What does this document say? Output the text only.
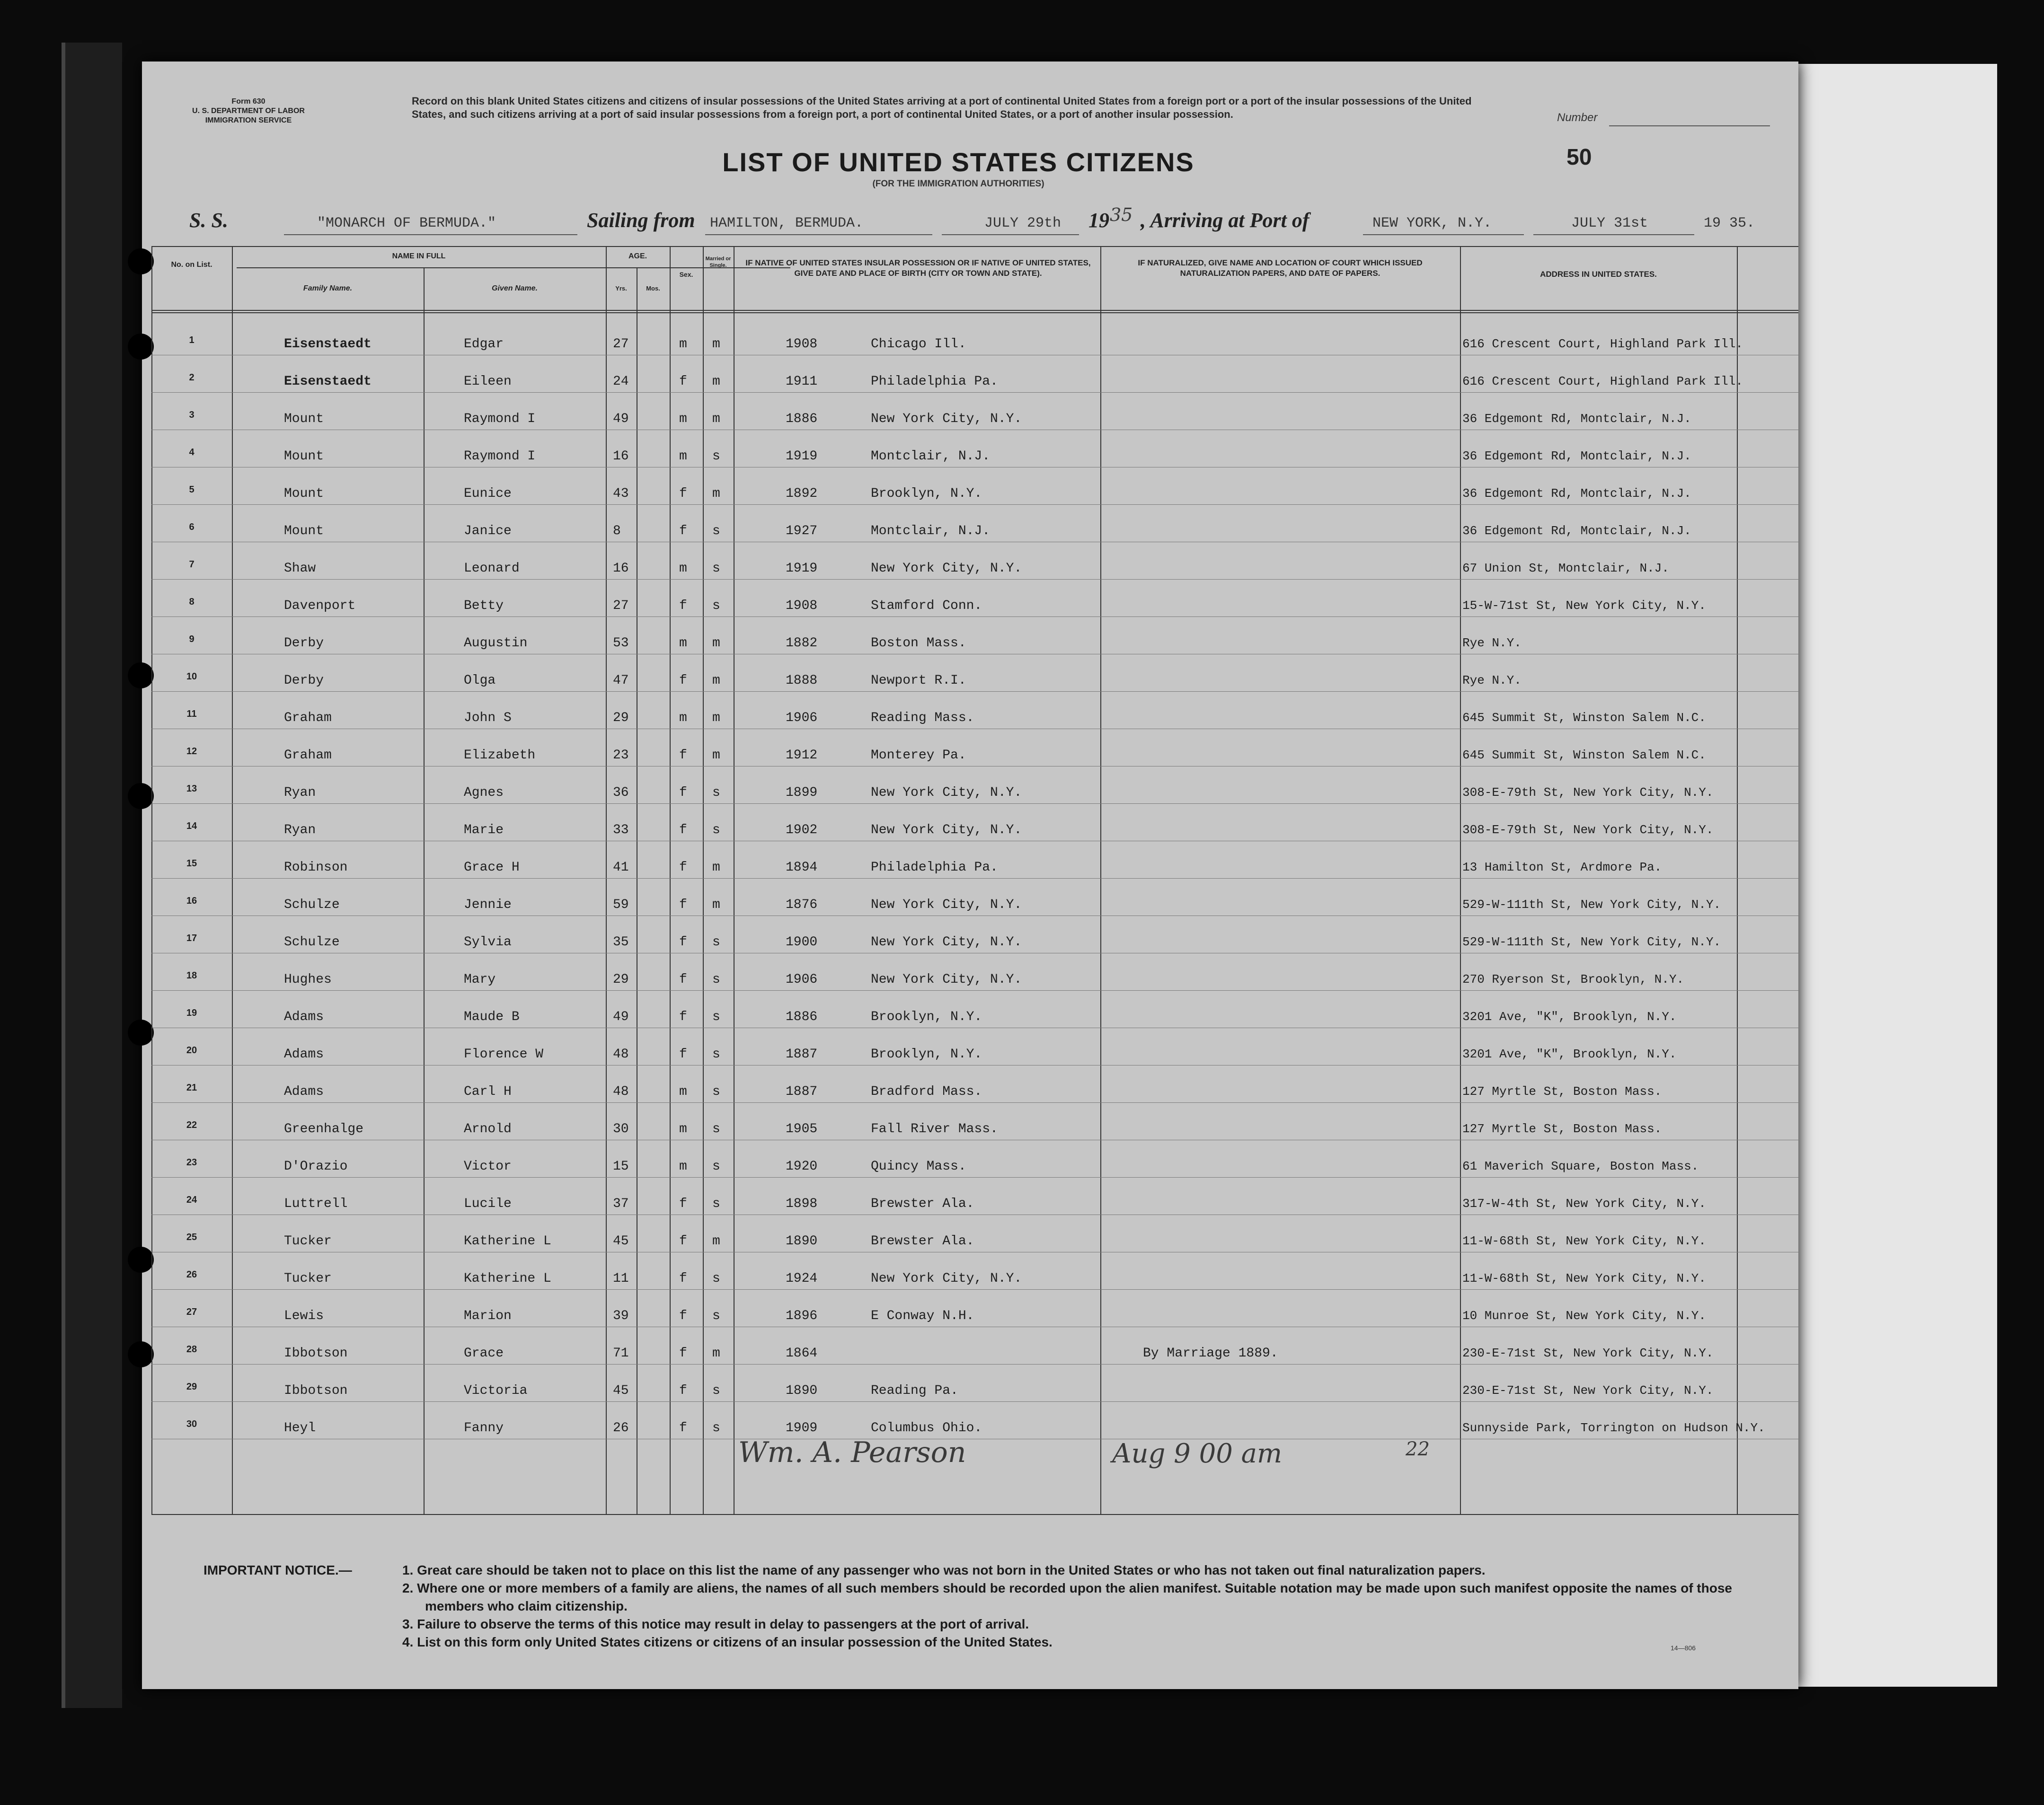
Form 630
U. S. DEPARTMENT OF LABOR
IMMIGRATION SERVICE
Record on this blank United States citizens and citizens of insular possessions of the United States arriving at a port of continental United States from a foreign port or a port of the insular possessions of the United States, and such citizens arriving at a port of said insular possessions from a foreign port, a port of continental United States, or a port of another insular possession.	Number
50
LIST OF UNITED STATES CITIZENS
(FOR THE IMMIGRATION AUTHORITIES)
S. S.	"MONARCH OF BERMUDA."	Sailing from HAMILTON, BERMUDA.	JULY 29th 19 35 , Arriving at Port of	NEW YORK, N.Y.	JULY 31st	19 35.
No. on List.
NAME IN FULL
Family Name.	Given Name.
AGE.
Yrs.	Mos.
Sex.
Married or Single.	IF NATIVE OF UNITED STATES INSULAR POSSESSION OR IF NATIVE OF UNITED STATES, GIVE DATE AND PLACE OF BIRTH (CITY OR TOWN AND STATE).
IF NATURALIZED, GIVE NAME AND LOCATION OF COURT WHICH ISSUED NATURALIZATION PAPERS, AND DATE OF PAPERS.	ADDRESS IN UNITED STATES.
1	Eisenstaedt	Edgar	27	m m	1908	Chicago Ill.	616 Crescent Court, Highland Park Ill.
2	Eisenstaedt	Eileen	24	f m	1911	Philadelphia Pa.	616 Crescent Court, Highland Park Ill.
3	Mount	Raymond I	49	m m	1886	New York City, N.Y.	36 Edgemont Rd, Montclair, N.J.
4	Mount	Raymond I	16	m s	1919	Montclair, N.J.	36 Edgemont Rd, Montclair, N.J.
5	Mount	Eunice	43	f m	1892	Brooklyn, N.Y.	36 Edgemont Rd, Montclair, N.J.
6	Mount	Janice	8	f s	1927	Montclair, N.J.	36 Edgemont Rd, Montclair, N.J.
7	Shaw	Leonard	16	m s	1919	New York City, N.Y.	67 Union St, Montclair, N.J.
8	Davenport	Betty	27	f s	1908	Stamford Conn.	15-W-71st St, New York City, N.Y.
9	Derby	Augustin	53	m m	1882	Boston Mass.	Rye N.Y.
10	Derby	Olga	47	f m	1888	Newport R.I.	Rye N.Y.
11	Graham	John S	29	m m	1906	Reading Mass.	645 Summit St, Winston Salem N.C.
12	Graham	Elizabeth	23	f m	1912	Monterey Pa.	645 Summit St, Winston Salem N.C.
13	Ryan	Agnes	36	f s	1899	New York City, N.Y.	308-E-79th St, New York City, N.Y.
14	Ryan	Marie	33	f s	1902	New York City, N.Y.	308-E-79th St, New York City, N.Y.
15	Robinson	Grace H	41	f m	1894	Philadelphia Pa.	13 Hamilton St, Ardmore Pa.
16	Schulze	Jennie	59	f m	1876	New York City, N.Y.	529-W-111th St, New York City, N.Y.
17	Schulze	Sylvia	35	f s	1900	New York City, N.Y.	529-W-111th St, New York City, N.Y.
18	Hughes	Mary	29	f s	1906	New York City, N.Y.	270 Ryerson St, Brooklyn, N.Y.
19	Adams	Maude B	49	f s	1886	Brooklyn, N.Y.	3201 Ave, "K", Brooklyn, N.Y.
20	Adams	Florence W	48	f s	1887	Brooklyn, N.Y.	3201 Ave, "K", Brooklyn, N.Y.
21	Adams	Carl H	48	m s	1887	Bradford Mass.	127 Myrtle St, Boston Mass.
22	Greenhalge	Arnold	30	m s	1905	Fall River Mass.	127 Myrtle St, Boston Mass.
23	D'Orazio	Victor	15	m s	1920	Quincy Mass.	61 Maverich Square, Boston Mass.
24	Luttrell	Lucile	37	f s	1898	Brewster Ala.	317-W-4th St, New York City, N.Y.
25	Tucker	Katherine L	45	f m	1890	Brewster Ala.	11-W-68th St, New York City, N.Y.
26	Tucker	Katherine L	11	f s	1924	New York City, N.Y.	11-W-68th St, New York City, N.Y.
27	Lewis	Marion	39	f s	1896	E Conway N.H.	10 Munroe St, New York City, N.Y.
28	Ibbotson	Grace	71	f m	1864	By Marriage 1889.	230-E-71st St, New York City, N.Y.
29	Ibbotson	Victoria	45	f s	1890	Reading Pa.	230-E-71st St, New York City, N.Y.
30	Heyl	Fanny	26	f s	1909	Columbus Ohio.	Sunnyside Park, Torrington on Hudson N.Y.
Wm. A. Pearson	Aug 9 00 am	22
IMPORTANT NOTICE.—	1. Great care should be taken not to place on this list the name of any passenger who was not born in the United States or who has not taken out final naturalization papers.
2. Where one or more members of a family are aliens, the names of all such members should be recorded upon the alien manifest. Suitable notation may be made upon such manifest opposite the names of those members who claim citizenship.
3. Failure to observe the terms of this notice may result in delay to passengers at the port of arrival.
4. List on this form only United States citizens or citizens of an insular possession of the United States.	14—806
